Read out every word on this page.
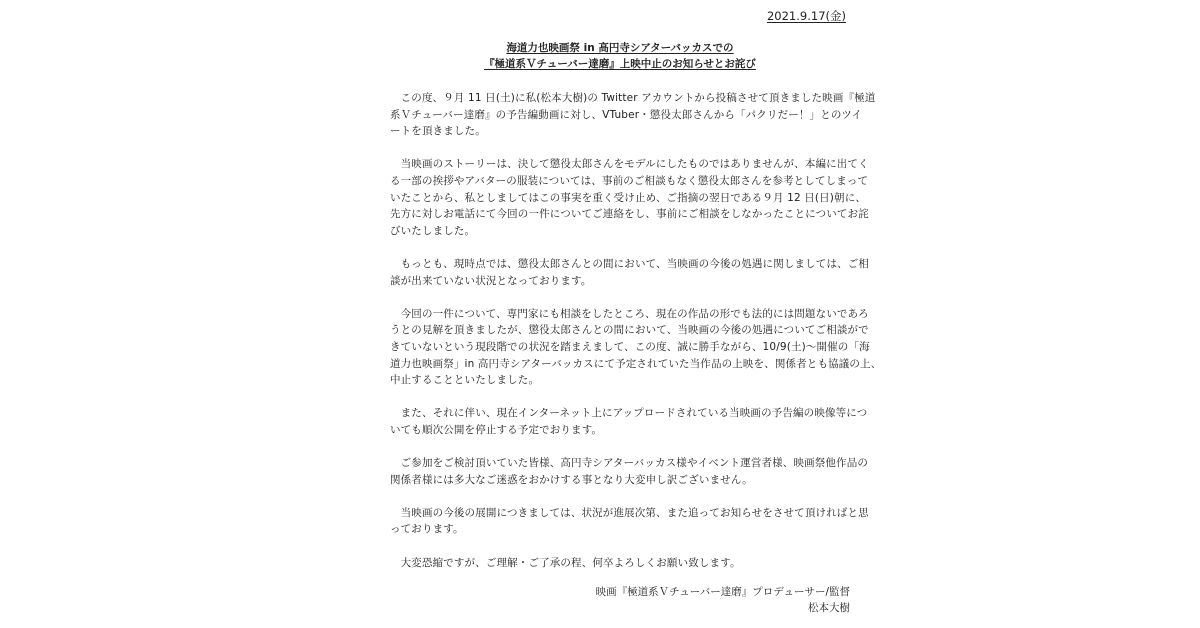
2021.9.17(金)
海道力也映画祭 in 高円寺シアターバッカスでの
『極道系Ｖチューバー達磨』上映中止のお知らせとお詫び
　この度、９月 11 日(土)に私(松本大樹)の Twitter アカウントから投稿させて頂きました映画『極道
系Ｖチューバー達磨』の予告編動画に対し、VTuber・懲役太郎さんから「パクリだー！」とのツイ
ートを頂きました。
　当映画のストーリーは、決して懲役太郎さんをモデルにしたものではありませんが、本編に出てく
る一部の挨拶やアバターの服装については、事前のご相談もなく懲役太郎さんを参考としてしまって
いたことから、私としましてはこの事実を重く受け止め、ご指摘の翌日である９月 12 日(日)朝に、
先方に対しお電話にて今回の一件についてご連絡をし、事前にご相談をしなかったことについてお詫
びいたしました。
　もっとも、現時点では、懲役太郎さんとの間において、当映画の今後の処遇に関しましては、ご相
談が出来ていない状況となっております。
　今回の一件について、専門家にも相談をしたところ、現在の作品の形でも法的には問題ないであろ
うとの見解を頂きましたが、懲役太郎さんとの間において、当映画の今後の処遇についてご相談がで
きていないという現段階での状況を踏まえまして、この度、誠に勝手ながら、10/9(土)〜開催の「海
道力也映画祭」in 高円寺シアターバッカスにて予定されていた当作品の上映を、関係者とも協議の上、
中止することといたしました。
　また、それに伴い、現在インターネット上にアップロードされている当映画の予告編の映像等につ
いても順次公開を停止する予定でおります。
　ご参加をご検討頂いていた皆様、高円寺シアターバッカス様やイベント運営者様、映画祭他作品の
関係者様には多大なご迷惑をおかけする事となり大変申し訳ございません。
　当映画の今後の展開につきましては、状況が進展次第、また追ってお知らせをさせて頂ければと思
っております。
　大変恐縮ですが、ご理解・ご了承の程、何卒よろしくお願い致します。
映画『極道系Ｖチューバー達磨』プロデューサー/監督
松本大樹
